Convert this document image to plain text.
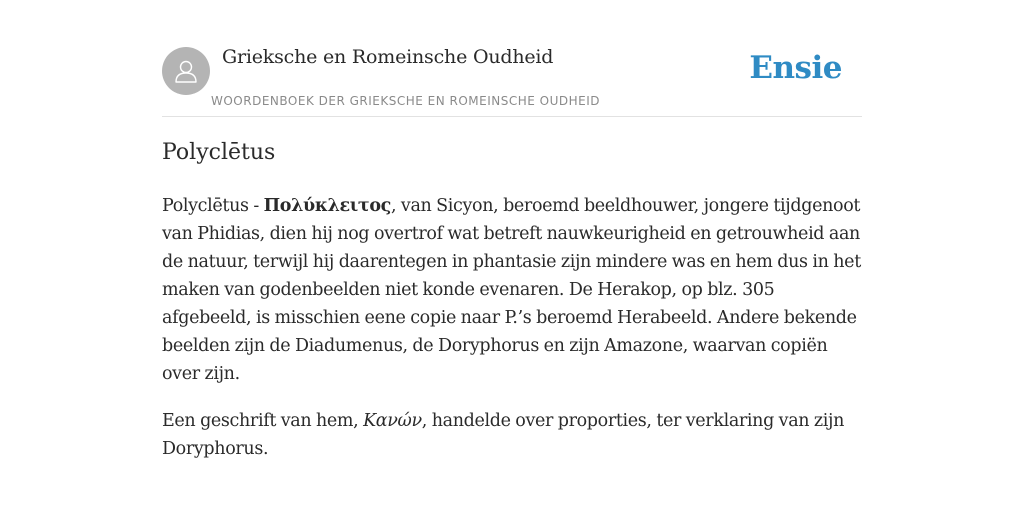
Grieksche en Romeinsche Oudheid
WOORDENBOEK DER GRIEKSCHE EN ROMEINSCHE OUDHEID
Ensie
Polyclētus

Polyclētus - Πολύκλειτος, van Sicyon, beroemd beeldhouwer, jongere tijdgenoot van Phidias, dien hij nog overtrof wat betreft nauwkeurigheid en getrouwheid aan de natuur, terwijl hij daarentegen in phantasie zijn mindere was en hem dus in het maken van godenbeelden niet konde evenaren. De Herakop, op blz. 305 afgebeeld, is misschien eene copie naar P.’s beroemd Herabeeld. Andere bekende beelden zijn de Diadumenus, de Doryphorus en zijn Amazone, waarvan copiën over zijn.

Een geschrift van hem, Κανών, handelde over proporties, ter verklaring van zijn Doryphorus.
